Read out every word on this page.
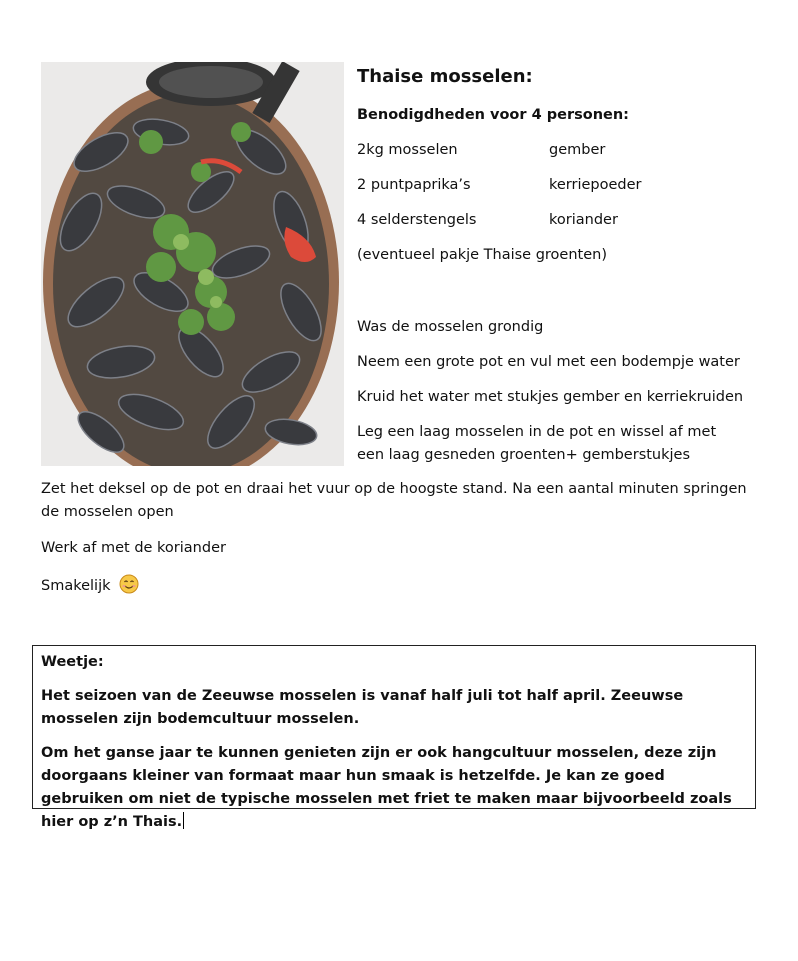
Thaise mosselen:
Benodigdheden voor 4 personen:
2kg mosselen	gember
2 puntpaprika’s	kerriepoeder
4 selderstengels	koriander
(eventueel pakje Thaise groenten)
Was de mosselen grondig
Neem een grote pot en vul met een bodempje water
Kruid het water met stukjes gember en kerriekruiden
Leg een laag mosselen in de pot en wissel af met een laag gesneden groenten+ gemberstukjes
Zet het deksel op de pot en draai het vuur op de hoogste stand. Na een aantal minuten springen de mosselen open
Werk af met de koriander
Smakelijk

Weetje:

Het seizoen van de Zeeuwse mosselen is vanaf half juli tot half april. Zeeuwse mosselen zijn bodemcultuur mosselen.

Om het ganse jaar te kunnen genieten zijn er ook hangcultuur mosselen, deze zijn doorgaans kleiner van formaat maar hun smaak is hetzelfde. Je kan ze goed gebruiken om niet de typische mosselen met friet te maken maar bijvoorbeeld zoals hier op z’n Thais.
